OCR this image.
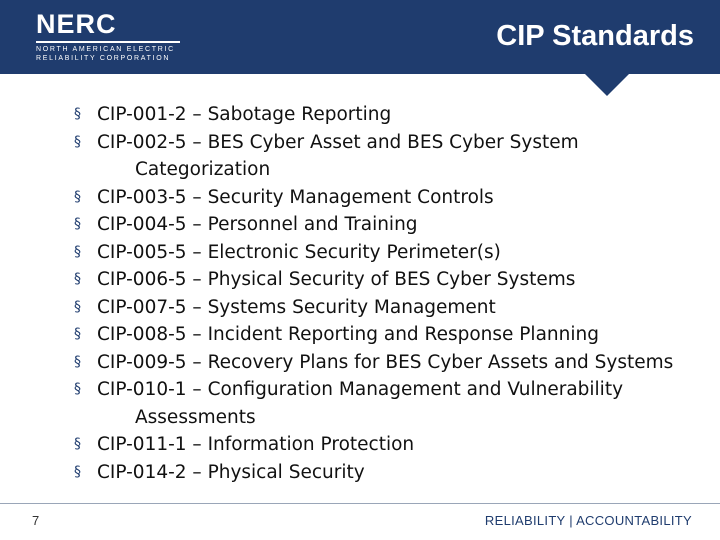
NERC
NORTH AMERICAN ELECTRIC
RELIABILITY CORPORATION
CIP Standards
§ CIP-001-2 – Sabotage Reporting
§ CIP-002-5 – BES Cyber Asset and BES Cyber System
Categorization
§ CIP-003-5 – Security Management Controls
§ CIP-004-5 – Personnel and Training
§ CIP-005-5 – Electronic Security Perimeter(s)
§ CIP-006-5 – Physical Security of BES Cyber Systems
§ CIP-007-5 – Systems Security Management
§ CIP-008-5 – Incident Reporting and Response Planning
§ CIP-009-5 – Recovery Plans for BES Cyber Assets and Systems
§ CIP-010-1 – Configuration Management and Vulnerability
Assessments
§ CIP-011-1 – Information Protection
§ CIP-014-2 – Physical Security
7	RELIABILITY | ACCOUNTABILITY
